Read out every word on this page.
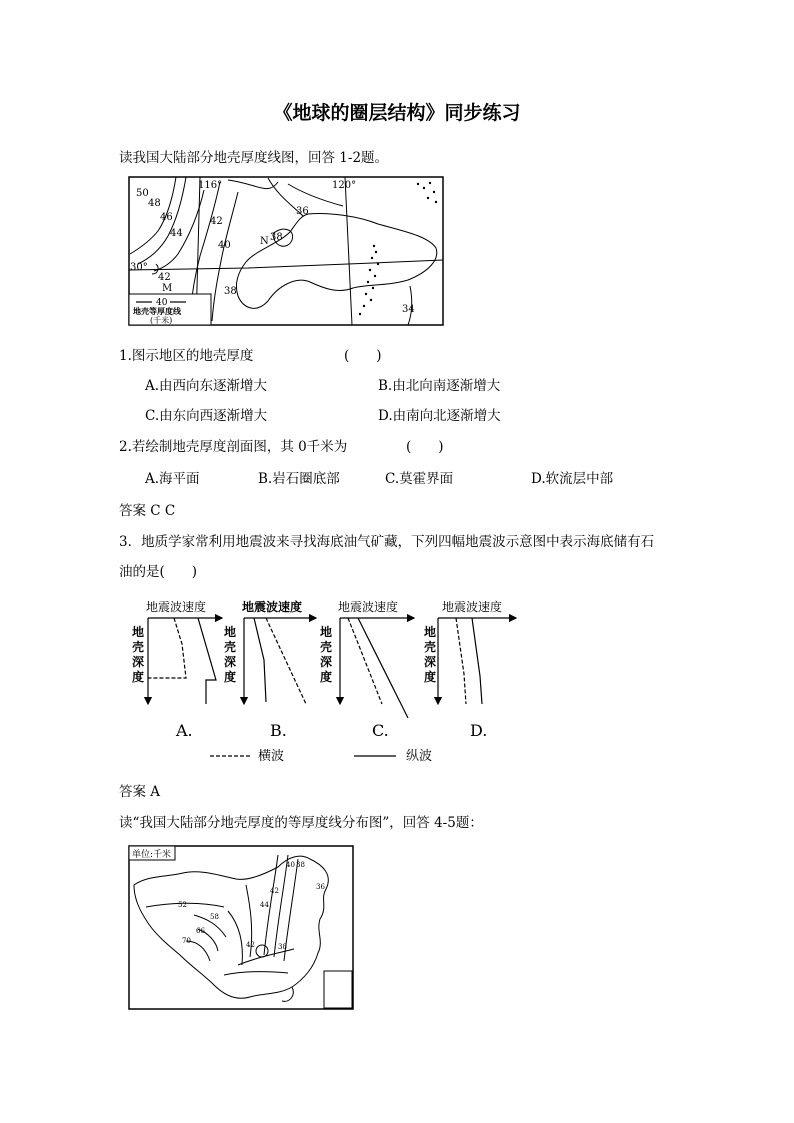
《地球的圈层结构》同步练习
读我国大陆部分地壳厚度线图，回答 1-2题。
116°	120°
30°
50
48
46
44
42
42
40
38
38
36
34
N
M
40
地壳等厚度线
(千米)
1.图示地区的地壳厚度	(　　)
A.由西向东逐渐增大	B.由北向南逐渐增大
C.由东向西逐渐增大	D.由南向北逐渐增大
2.若绘制地壳厚度剖面图，其 0千米为	(　　)
A.海平面	B.岩石圈底部	C.莫霍界面	D.软流层中部
答案 C C
3．地质学家常利用地震波来寻找海底油气矿藏，下列四幅地震波示意图中表示海底储有石
油的是(　　)
地震波速度	地震波速度	地震波速度	地震波速度
地
壳
深
度
地
壳
深
度
地
壳
深
度
地
壳
深
度
A.	B.	C.	D.
横波	纵波
答案 A
读“我国大陆部分地壳厚度的等厚度线分布图”，回答 4-5题：
单位:千米
52
58
66
70	42
44
42
40 38
36
38
